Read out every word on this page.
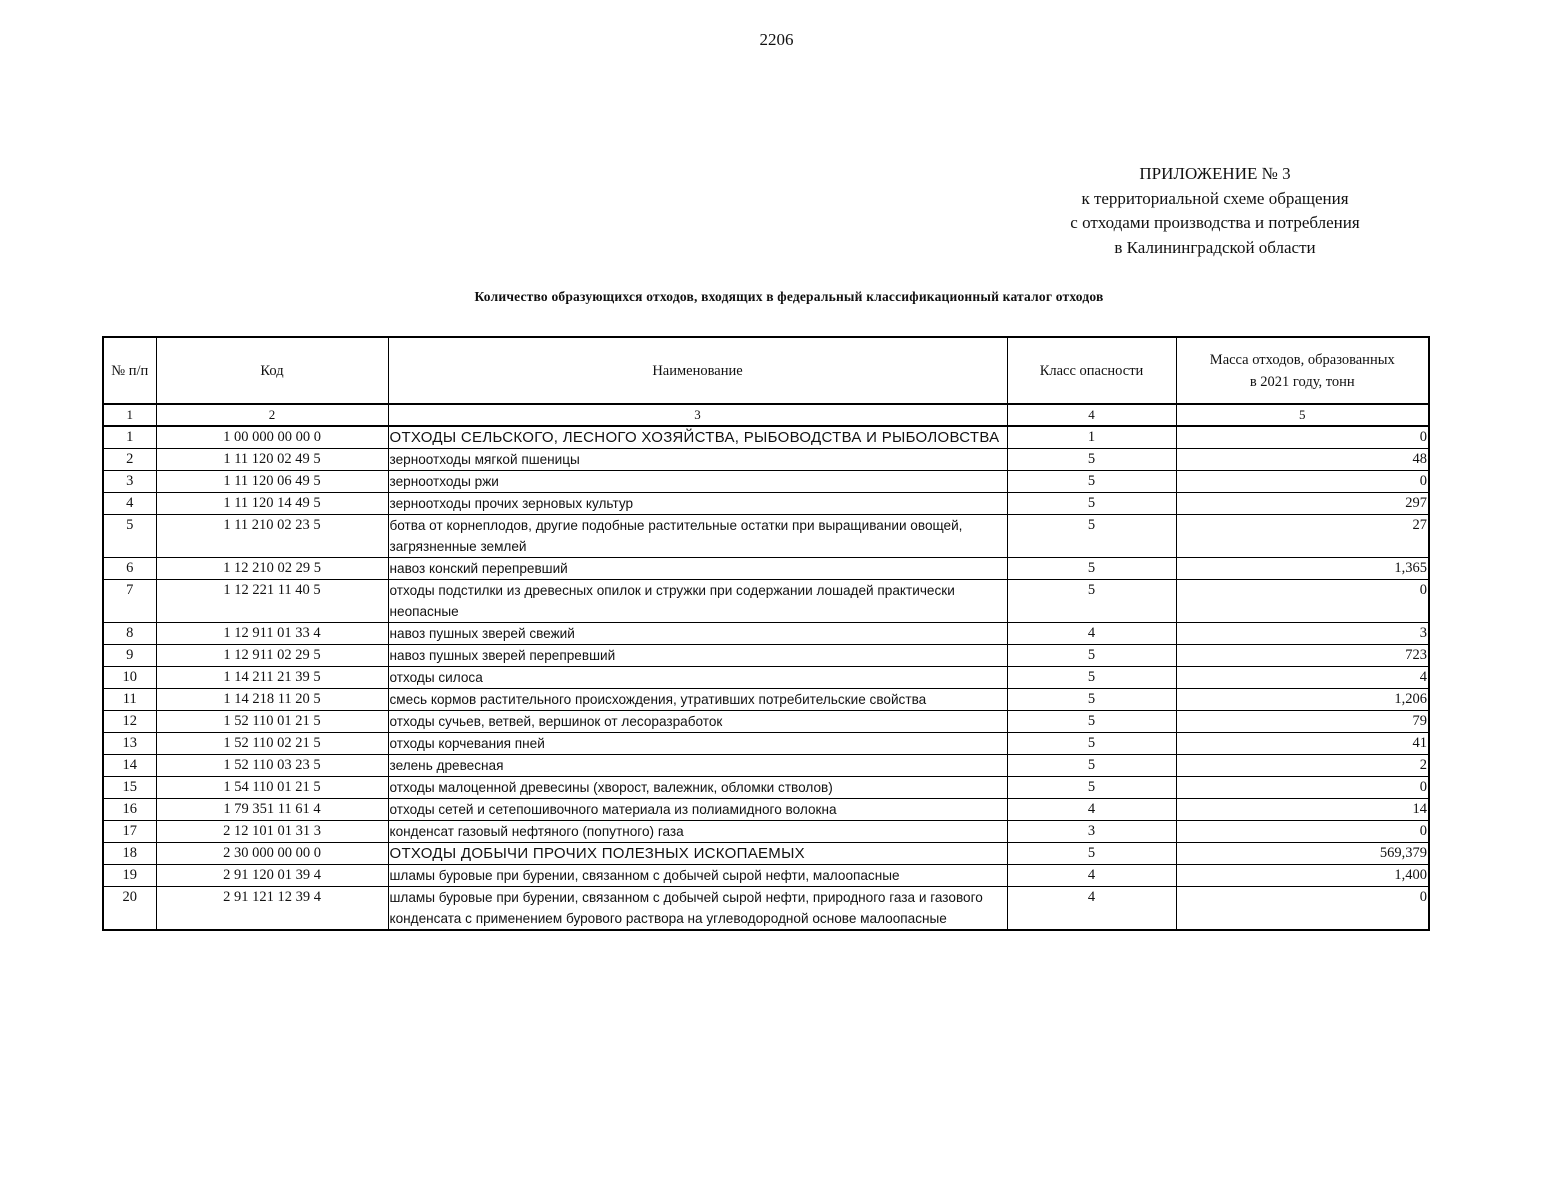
2206
ПРИЛОЖЕНИЕ № 3
к территориальной схеме обращения
с отходами производства и потребления
в Калининградской области
Количество образующихся отходов, входящих в федеральный классификационный каталог отходов
№ п/п	Код	Наименование	Класс опасности	Масса отходов, образованных
в 2021 году, тонн

1	2	3	4	5
1	1 00 000 00 00 0	ОТХОДЫ СЕЛЬСКОГО, ЛЕСНОГО ХОЗЯЙСТВА, РЫБОВОДСТВА И РЫБОЛОВСТВА	1	0
2	1 11 120 02 49 5	зерноотходы мягкой пшеницы	5	48
3	1 11 120 06 49 5	зерноотходы ржи	5	0
4	1 11 120 14 49 5	зерноотходы прочих зерновых культур	5	297
5	1 11 210 02 23 5	ботва от корнеплодов, другие подобные растительные остатки при выращивании овощей, загрязненные землей	5	27
6	1 12 210 02 29 5	навоз конский перепревший	5	1,365
7	1 12 221 11 40 5	отходы подстилки из древесных опилок и стружки при содержании лошадей практически неопасные	5	0
8	1 12 911 01 33 4	навоз пушных зверей свежий	4	3
9	1 12 911 02 29 5	навоз пушных зверей перепревший	5	723
10	1 14 211 21 39 5	отходы силоса	5	4
11	1 14 218 11 20 5	смесь кормов растительного происхождения, утративших потребительские свойства	5	1,206
12	1 52 110 01 21 5	отходы сучьев, ветвей, вершинок от лесоразработок	5	79
13	1 52 110 02 21 5	отходы корчевания пней	5	41
14	1 52 110 03 23 5	зелень древесная	5	2
15	1 54 110 01 21 5	отходы малоценной древесины (хворост, валежник, обломки стволов)	5	0
16	1 79 351 11 61 4	отходы сетей и сетепошивочного материала из полиамидного волокна	4	14
17	2 12 101 01 31 3	конденсат газовый нефтяного (попутного) газа	3	0
18	2 30 000 00 00 0	ОТХОДЫ ДОБЫЧИ ПРОЧИХ ПОЛЕЗНЫХ ИСКОПАЕМЫХ	5	569,379
19	2 91 120 01 39 4	шламы буровые при бурении, связанном с добычей сырой нефти, малоопасные	4	1,400
20	2 91 121 12 39 4	шламы буровые при бурении, связанном с добычей сырой нефти, природного газа и газового конденсата с применением бурового раствора на углеводородной основе малоопасные	4	0
